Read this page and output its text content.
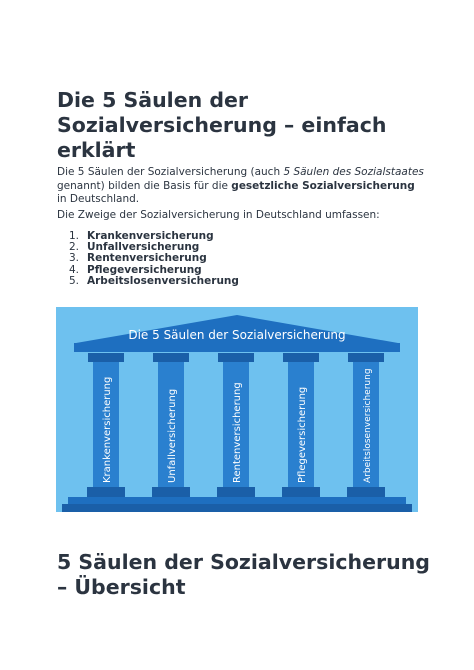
Die 5 Säulen der Sozialversicherung – einfach erklärt

Die 5 Säulen der Sozialversicherung (auch 5 Säulen des Sozialstaates genannt) bilden die Basis für die gesetzliche Sozialversicherung in Deutschland.

Die Zweige der Sozialversicherung in Deutschland umfassen:

1. Krankenversicherung
2. Unfallversicherung
3. Rentenversicherung
4. Pflegeversicherung
5. Arbeitslosenversicherung
Die 5 Säulen der Sozialversicherung
Krankenversicherung
Unfallversicherung
Rentenversicherung
Pflegeversicherung
Arbeitslosenversicherung
5 Säulen der Sozialversicherung – Übersicht
